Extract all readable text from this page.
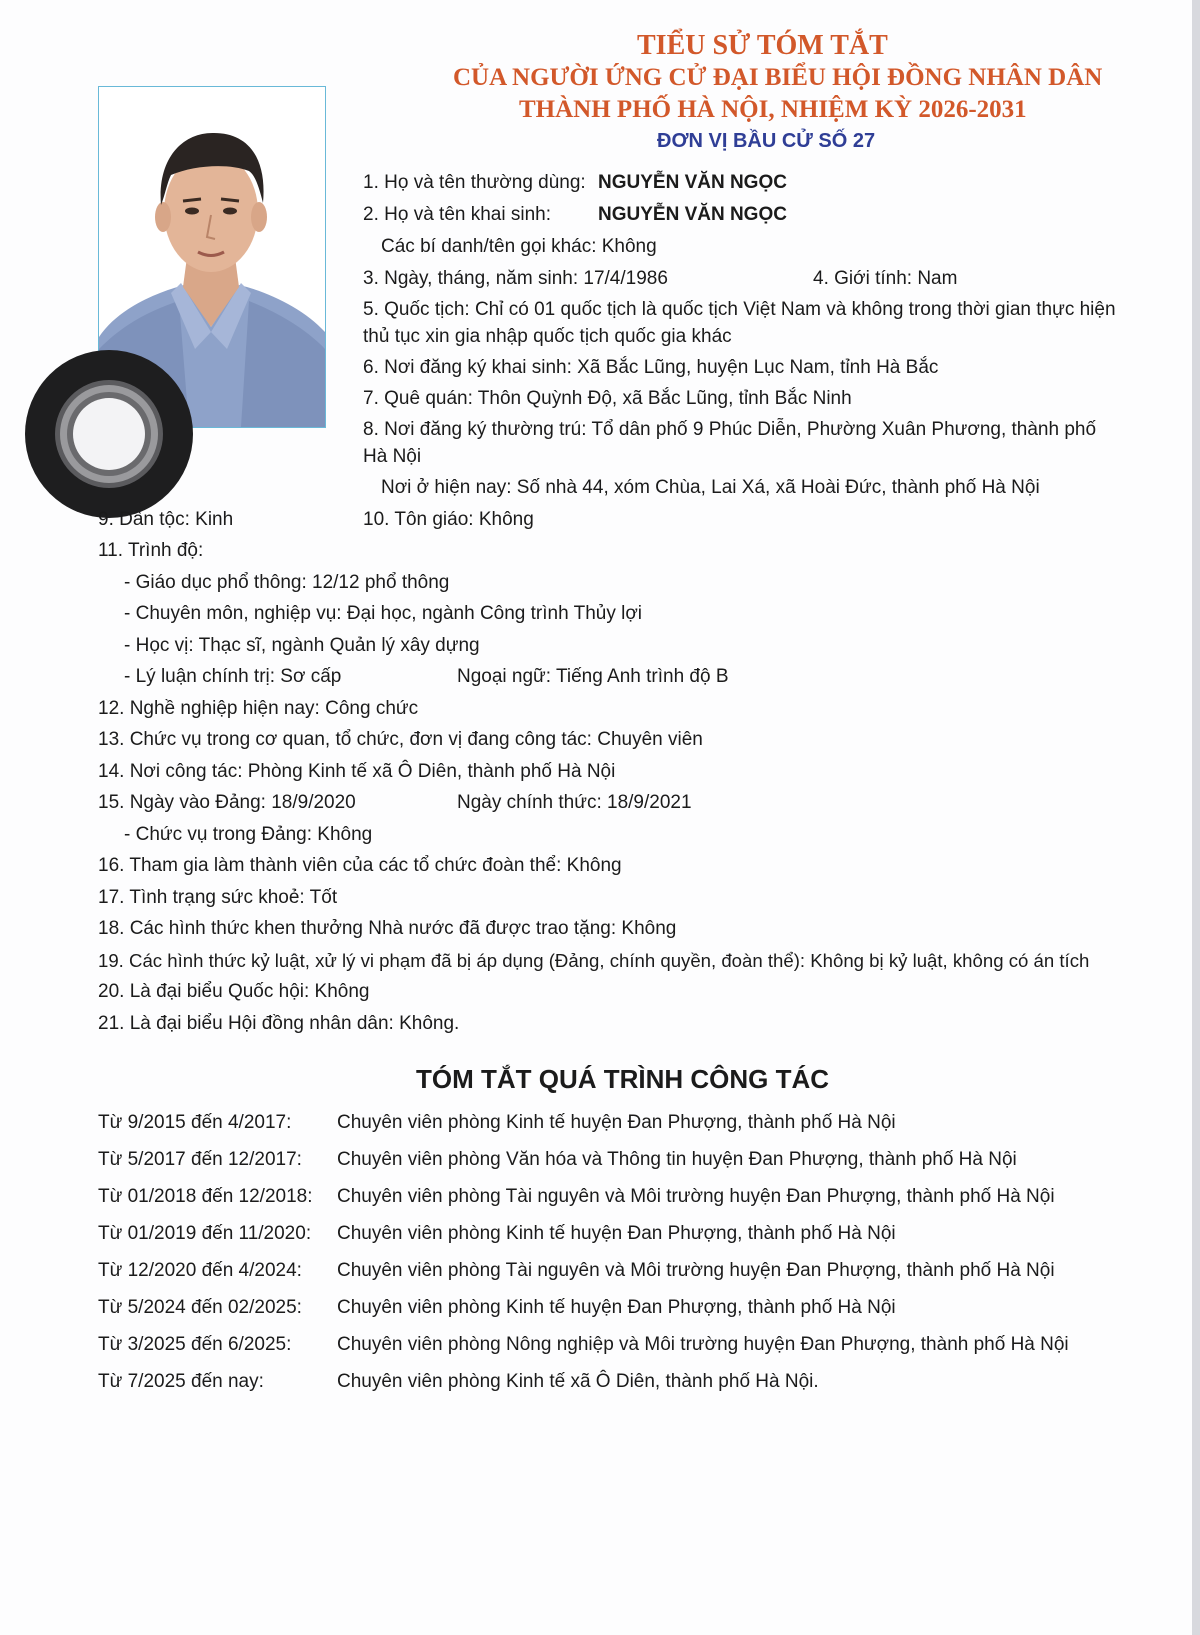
TIỂU SỬ TÓM TẮT
CỦA NGƯỜI ỨNG CỬ ĐẠI BIỂU HỘI ĐỒNG NHÂN DÂN
THÀNH PHỐ HÀ NỘI, NHIỆM KỲ 2026-2031
ĐƠN VỊ BẦU CỬ SỐ 27
1. Họ và tên thường dùng: NGUYỄN VĂN NGỌC
2. Họ và tên khai sinh: NGUYỄN VĂN NGỌC
Các bí danh/tên gọi khác: Không
3. Ngày, tháng, năm sinh: 17/4/1986	4. Giới tính: Nam
5. Quốc tịch: Chỉ có 01 quốc tịch là quốc tịch Việt Nam và không trong thời gian thực hiện
thủ tục xin gia nhập quốc tịch quốc gia khác
6. Nơi đăng ký khai sinh: Xã Bắc Lũng, huyện Lục Nam, tỉnh Hà Bắc
7. Quê quán: Thôn Quỳnh Độ, xã Bắc Lũng, tỉnh Bắc Ninh
8. Nơi đăng ký thường trú: Tổ dân phố 9 Phúc Diễn, Phường Xuân Phương, thành phố
Hà Nội
Nơi ở hiện nay: Số nhà 44, xóm Chùa, Lai Xá, xã Hoài Đức, thành phố Hà Nội
9. Dân tộc: Kinh	10. Tôn giáo: Không
11. Trình độ:
- Giáo dục phổ thông: 12/12 phổ thông
- Chuyên môn, nghiệp vụ: Đại học, ngành Công trình Thủy lợi
- Học vị: Thạc sĩ, ngành Quản lý xây dựng
- Lý luận chính trị: Sơ cấp	Ngoại ngữ: Tiếng Anh trình độ B
12. Nghề nghiệp hiện nay: Công chức
13. Chức vụ trong cơ quan, tổ chức, đơn vị đang công tác: Chuyên viên
14. Nơi công tác: Phòng Kinh tế xã Ô Diên, thành phố Hà Nội
15. Ngày vào Đảng: 18/9/2020	Ngày chính thức: 18/9/2021
- Chức vụ trong Đảng: Không
16. Tham gia làm thành viên của các tổ chức đoàn thể: Không
17. Tình trạng sức khoẻ: Tốt
18. Các hình thức khen thưởng Nhà nước đã được trao tặng: Không
19. Các hình thức kỷ luật, xử lý vi phạm đã bị áp dụng (Đảng, chính quyền, đoàn thể): Không bị kỷ luật, không có án tích
20. Là đại biểu Quốc hội: Không
21. Là đại biểu Hội đồng nhân dân: Không.
TÓM TẮT QUÁ TRÌNH CÔNG TÁC
Từ 9/2015 đến 4/2017: Chuyên viên phòng Kinh tế huyện Đan Phượng, thành phố Hà Nội
Từ 5/2017 đến 12/2017: Chuyên viên phòng Văn hóa và Thông tin huyện Đan Phượng, thành phố Hà Nội
Từ 01/2018 đến 12/2018: Chuyên viên phòng Tài nguyên và Môi trường huyện Đan Phượng, thành phố Hà Nội
Từ 01/2019 đến 11/2020: Chuyên viên phòng Kinh tế huyện Đan Phượng, thành phố Hà Nội
Từ 12/2020 đến 4/2024: Chuyên viên phòng Tài nguyên và Môi trường huyện Đan Phượng, thành phố Hà Nội
Từ 5/2024 đến 02/2025: Chuyên viên phòng Kinh tế huyện Đan Phượng, thành phố Hà Nội
Từ 3/2025 đến 6/2025: Chuyên viên phòng Nông nghiệp và Môi trường huyện Đan Phượng, thành phố Hà Nội
Từ 7/2025 đến nay:	Chuyên viên phòng Kinh tế xã Ô Diên, thành phố Hà Nội.
